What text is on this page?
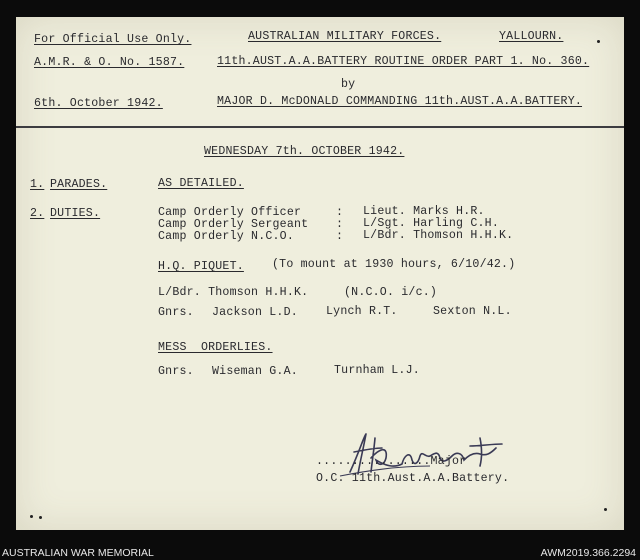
For Official Use Only.	AUSTRALIAN MILITARY FORCES.	YALLOURN.
A.M.R. & O. No. 1587.	11th.AUST.A.A.BATTERY ROUTINE ORDER PART 1. No. 360.
by
6th. October 1942.	MAJOR D. McDONALD COMMANDING 11th.AUST.A.A.BATTERY.
WEDNESDAY 7th. OCTOBER 1942.
1. PARADES.	AS DETAILED.
2. DUTIES.	Camp Orderly Officer	: Lieut. Marks H.R.
Camp Orderly Sergeant : L/Sgt. Harling C.H.
Camp Orderly N.C.O.	: L/Bdr. Thomson H.H.K.
H.Q. PIQUET. (To mount at 1930 hours, 6/10/42.)
L/Bdr. Thomson H.H.K.	(N.C.O. i/c.)
Gnrs. Jackson L.D. Lynch R.T.	Sexton N.L.
MESS  ORDERLIES.
Gnrs. Wiseman G.A.	Turnham L.J.
................Major
O.C. 11th.Aust.A.A.Battery.
AUSTRALIAN WAR MEMORIAL	AWM2019.366.2294
